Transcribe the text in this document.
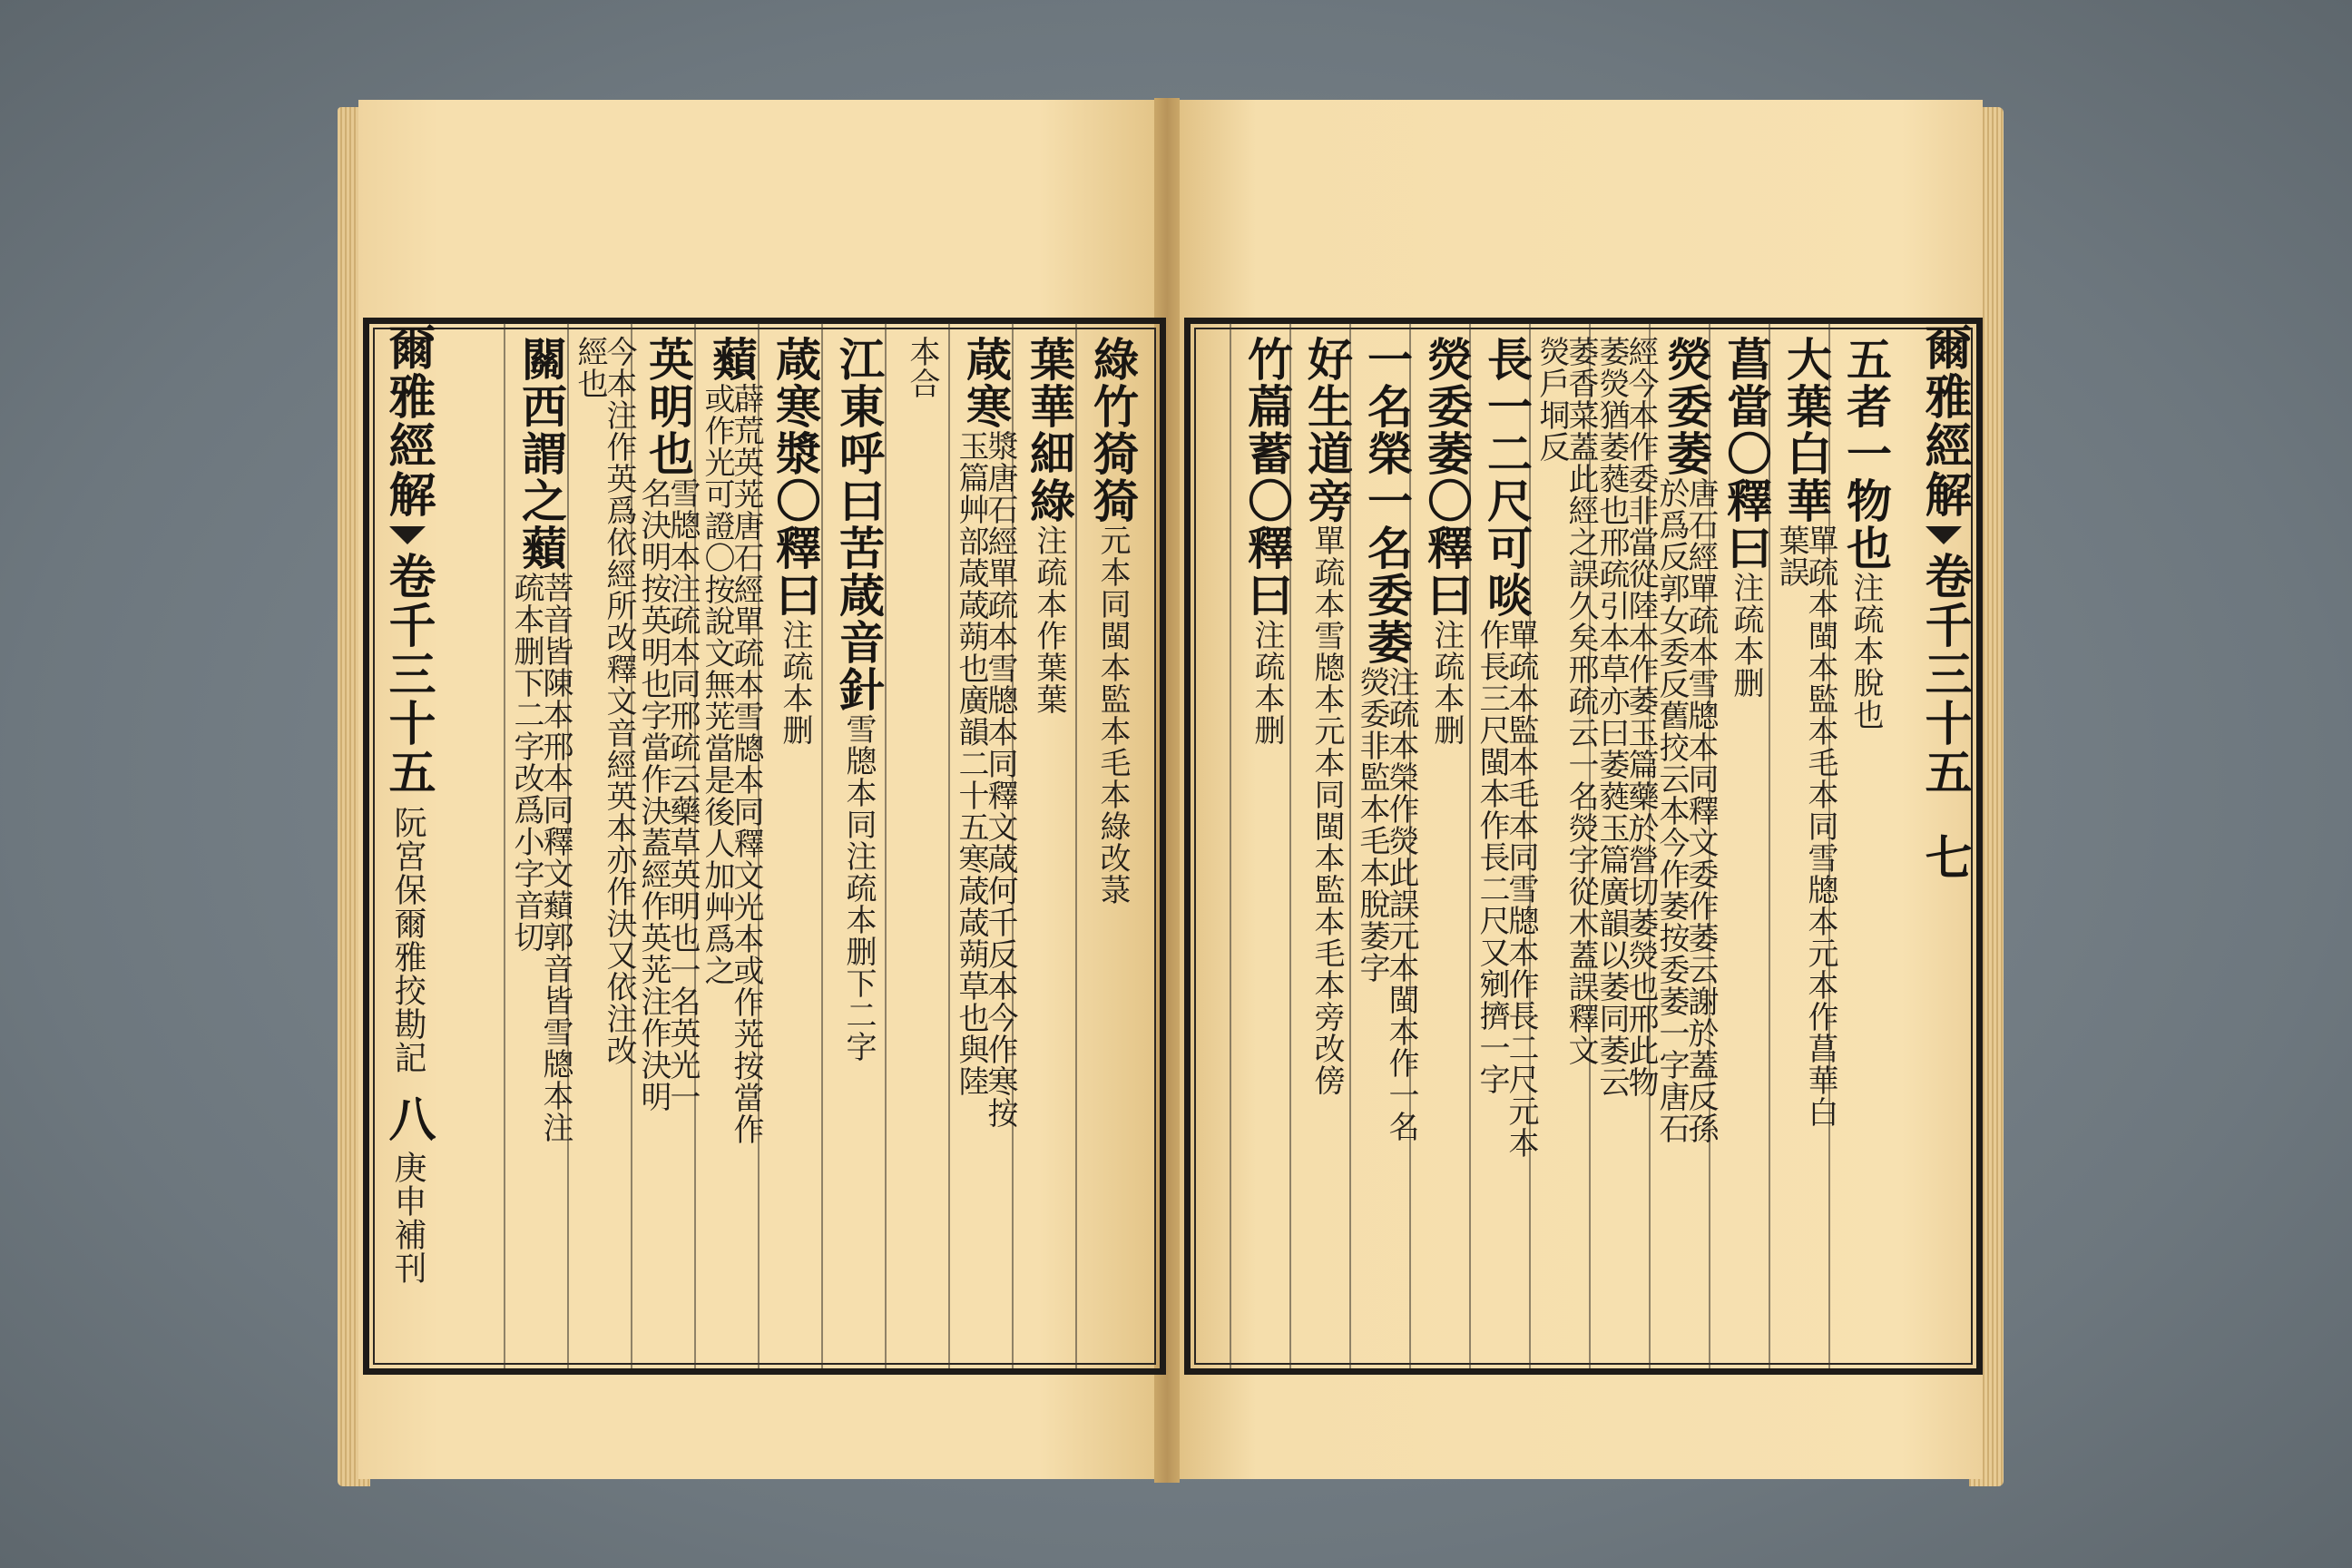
爾雅經解
卷千三十五
阮宮保爾雅挍勘記
八
庚申補刊
爾雅經解
卷千三十五
七
綠竹猗猗
元本同閩本監本毛本綠改菉
葉華細綠
注疏本作葉葉
葴寒
漿唐石經單疏本雪牕本同釋文葴何千反本今作寒按
玉篇艸部葴葴蒴也廣韻二十五寒葴葴蒴草也與陸
本合
江東呼曰苦葴音針
雪牕本同注疏本删下二字
葴寒漿〇釋曰
注疏本删
蘱
薜荒英茪唐石經單疏本雪牕本同釋文光本或作茪按當作
或作光可證〇按說文無茪當是後人加艸爲之
英明也
雪牕本注疏本同邢疏云藥草英明也一名英光一
名決明按英明也字當作決蓋經作英茪注作決明
今本注作英爲依經所改釋文音經英本亦作決又依注改
經也
關西謂之蘱
菩音皆陳本邢本同釋文蘱郭音皆雪牕本注
疏本删下二字改爲小字音切
五者一物也
注疏本脫也
大葉白華
單疏本閩本監本毛本同雪牕本元本作菖華白
葉誤
菖當〇釋曰
注疏本删
熒委萎
唐石經單疏本雪牕本同釋文委作萎云謝於蓋反孫
於爲反郭女委反舊挍云本今作萎按委萎一字唐石
經今本作委非當從陸本作萎玉篇藥於營切萎熒也邢此物
萎熒猶萎蕤也邢疏引本草亦曰萎蕤玉篇廣韻以萎同萎云
萎香菜蓋此經之誤久矣邢疏云一名熒字從木蓋誤釋文
熒戶垌反
長一二尺可啖
單疏本監本毛本同雪牕本作長二尺元本
作長三尺閩本作長二尺又剜擠一字
熒委萎〇釋曰
注疏本删
一名榮一名委萎
注疏本榮作熒此誤元本閩本作一名
熒委非監本毛本脫萎字
好生道旁
單疏本雪牕本元本同閩本監本毛本旁改傍
竹萹蓄〇釋曰
注疏本删
